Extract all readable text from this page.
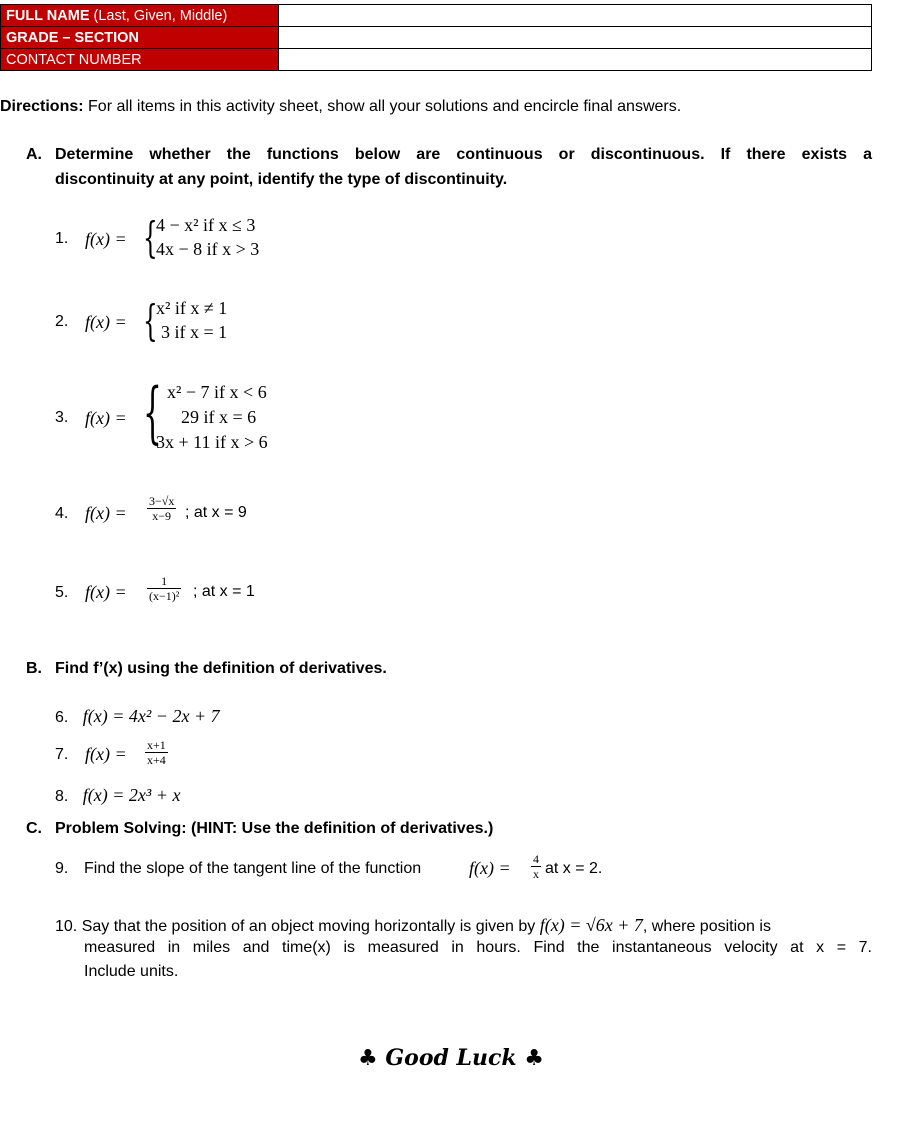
FULL NAME (Last, Given, Middle)	
GRADE – SECTION	
CONTACT NUMBER	
Directions: For all items in this activity sheet, show all your solutions and encircle final answers.
A. Determine whether the functions below are continuous or discontinuous. If there exists a
discontinuity at any point, identify the type of discontinuity.
1. f(x) = {
4 − x² if x ≤ 3
4x − 8 if x > 3
2. f(x) = {
x² if x ≠ 1
3 if x = 1
3. f(x) = { x² − 7 if x < 6
29 if x = 6
3x + 11 if x > 6
4. $f(x) = \frac{3-√x}{x-9}$ ; at x = 9
5. $f(x) = \frac{1}{\text{(x−1)²}}$ ; at x = 1
B. Find f’(x) using the definition of derivatives.
6. f(x) = 4x² − 2x + 7
7. $f(x) = \frac{x+1}{x+4}$
8. f(x) = 2x³ + x
C. Problem Solving: (HINT: Use the definition of derivatives.)
9. Find the slope of the tangent line of the function	$f(x) = \frac{4}{x}$ at x = 2.
10. Say that the position of an object moving horizontally is given by f(x) = √6x + 7, where position is
measured in miles and time(x) is measured in hours. Find the instantaneous velocity at x = 7.
Include units.
♣ Good Luck ♣
